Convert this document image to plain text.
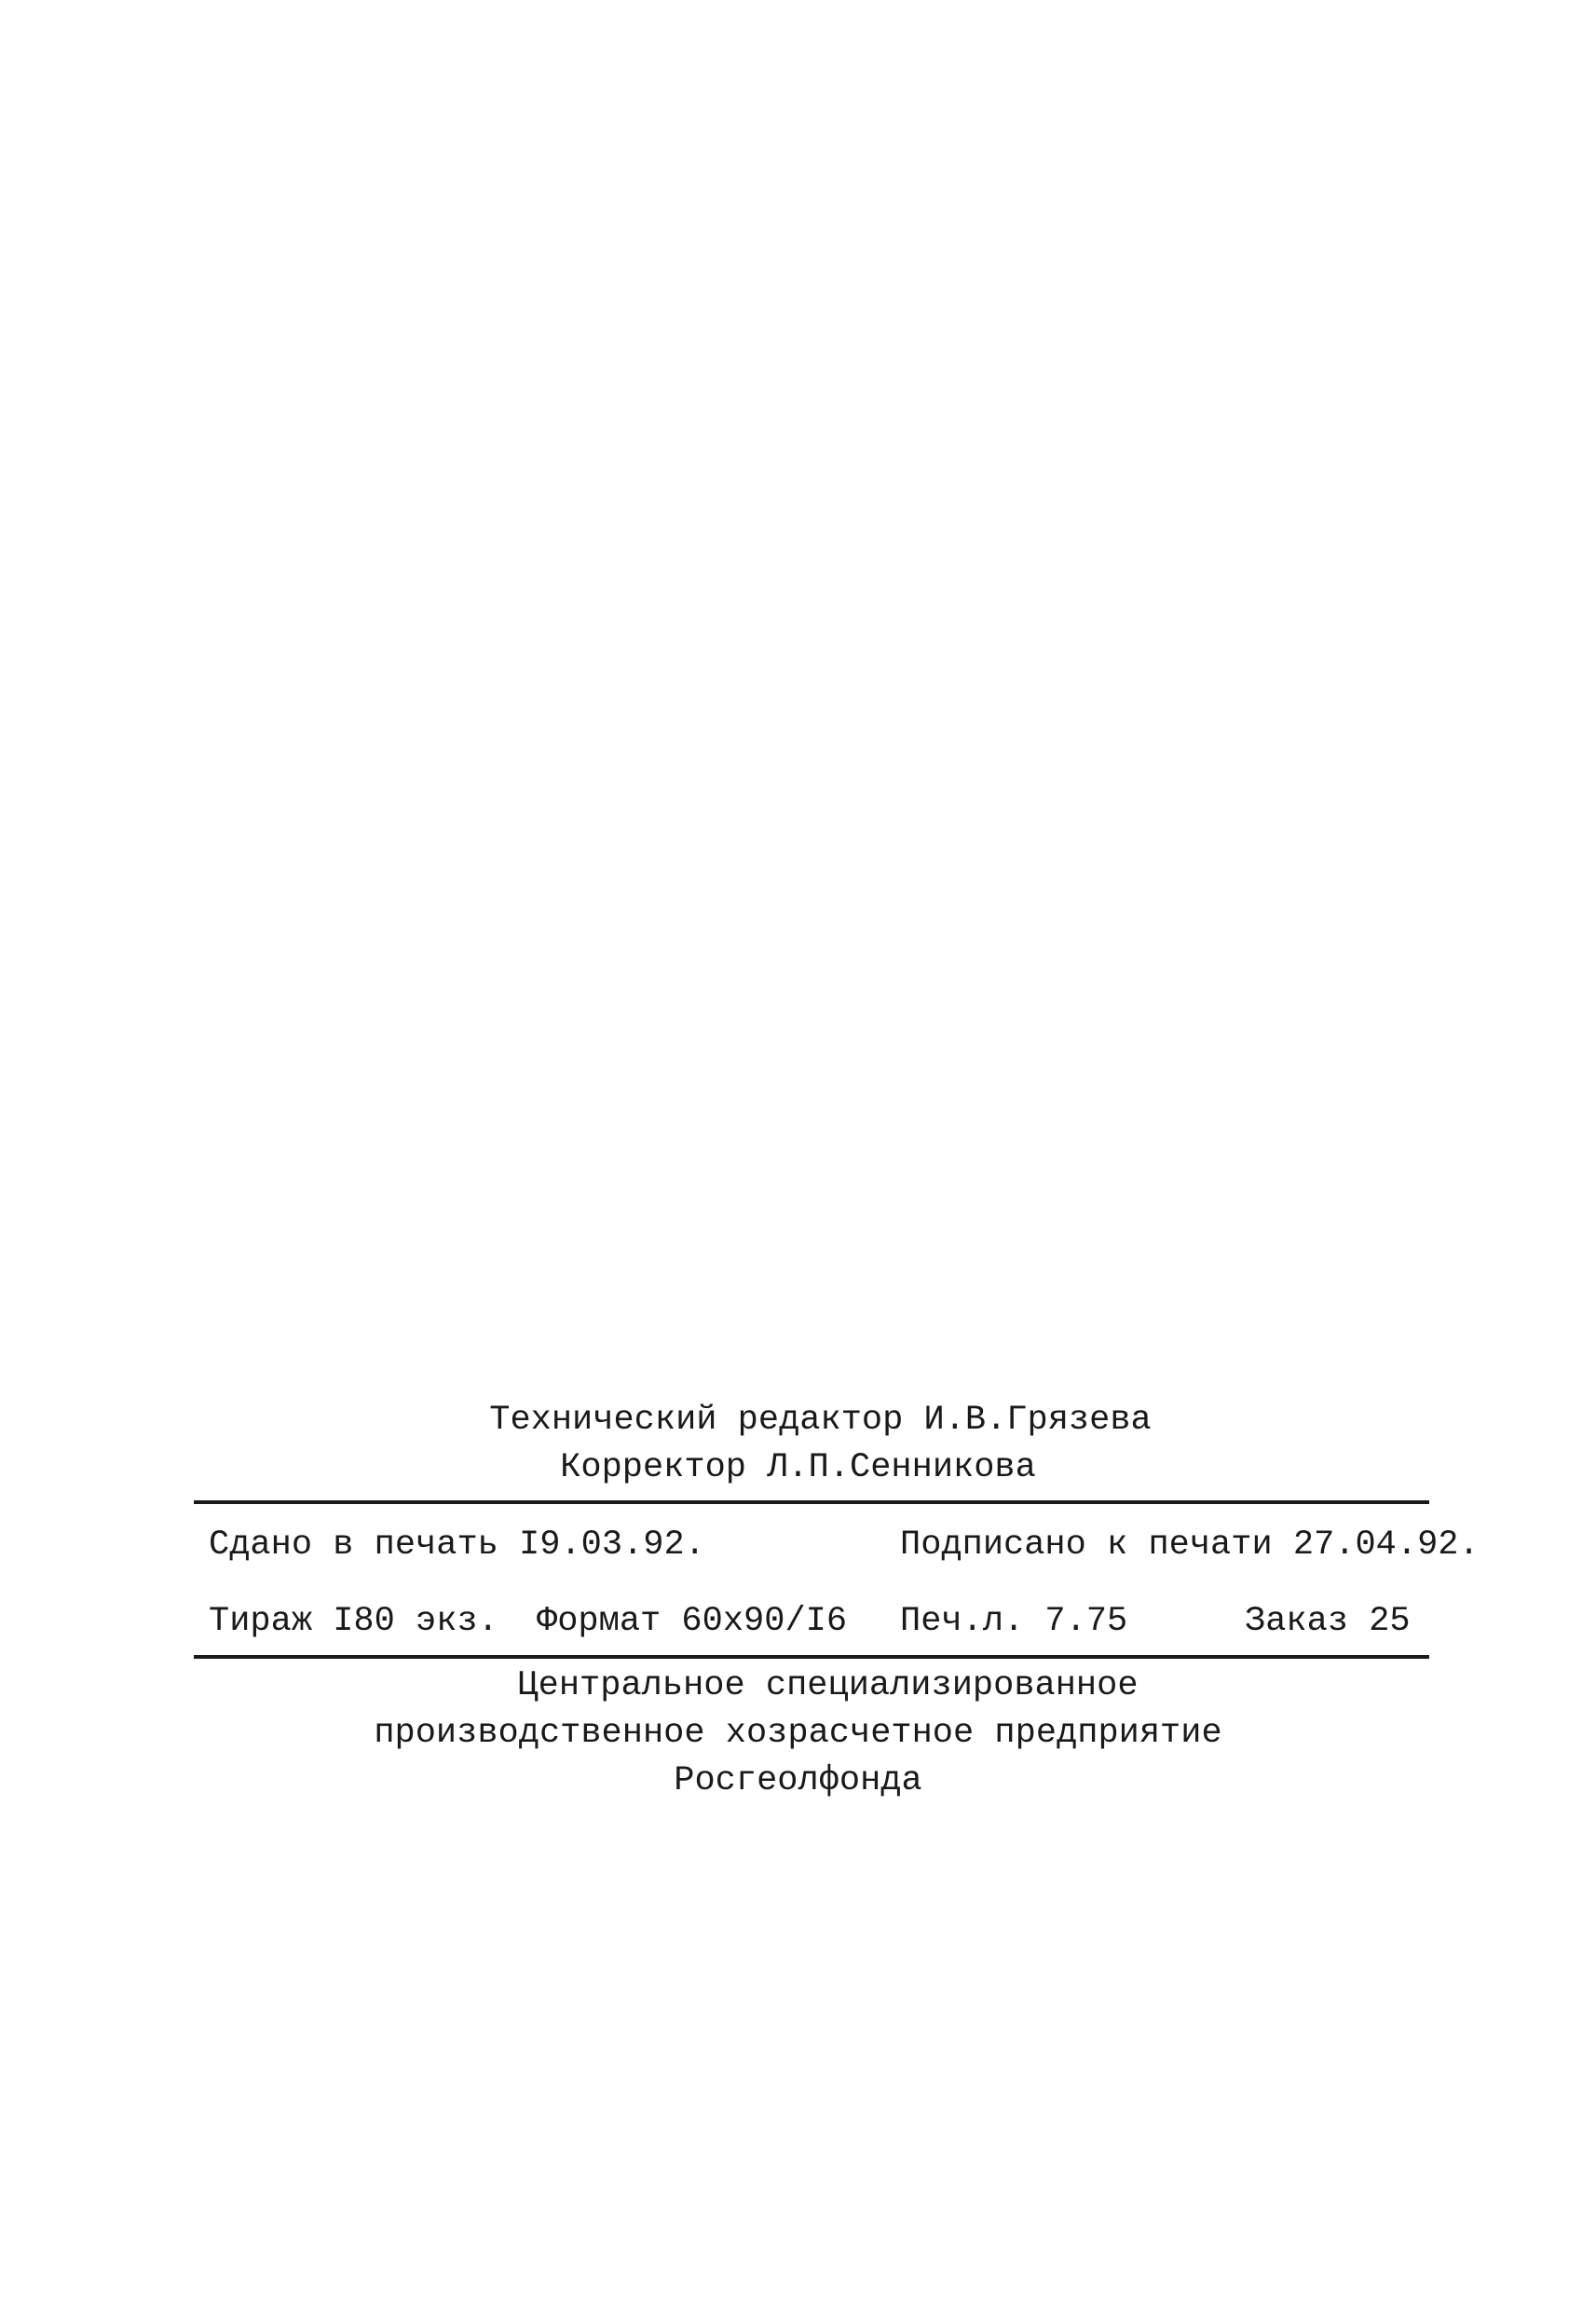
Технический редактор И.В.Грязева
Корректор Л.П.Сенникова
Сдано в печать I9.03.92.	Подписано к печати 27.04.92.
Тираж I80 экз. Формат 60x90/I6 Печ.л. 7.75	Заказ 25
Центральное специализированное
производственное хозрасчетное предприятие
Росгеолфонда
